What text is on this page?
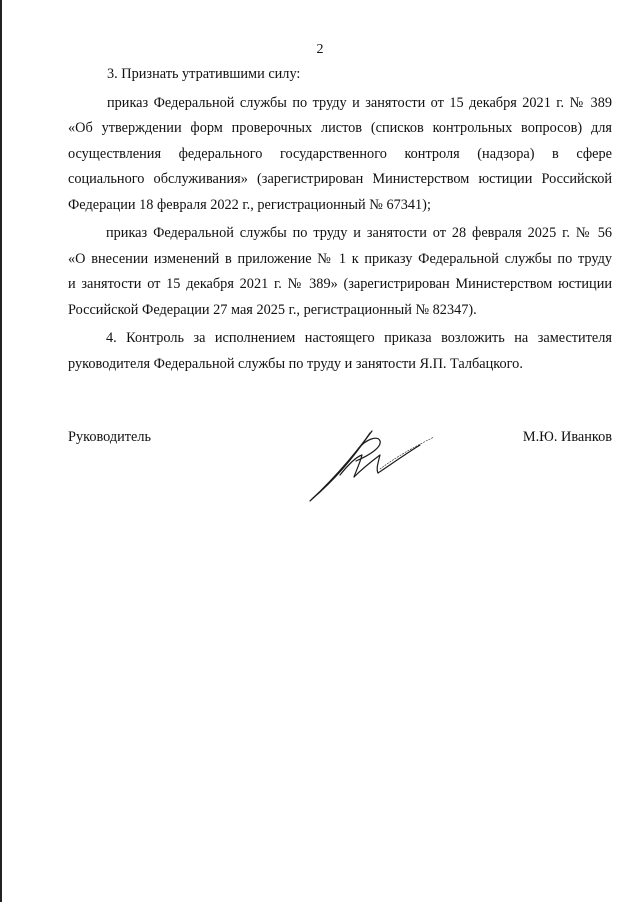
2

3. Признать утратившими силу:

приказ Федеральной службы по труду и занятости от 15 декабря 2021 г. № 389
«Об утверждении форм проверочных листов (списков контрольных вопросов) для
осуществления федерального государственного контроля (надзора) в сфере
социального обслуживания» (зарегистрирован Министерством юстиции Российской
Федерации 18 февраля 2022 г., регистрационный № 67341);

приказ Федеральной службы по труду и занятости от 28 февраля 2025 г. № 56
«О внесении изменений в приложение № 1 к приказу Федеральной службы по труду
и занятости от 15 декабря 2021 г. № 389» (зарегистрирован Министерством юстиции
Российской Федерации 27 мая 2025 г., регистрационный № 82347).

4. Контроль за исполнением настоящего приказа возложить на заместителя
руководителя Федеральной службы по труду и занятости Я.П. Талбацкого.

Руководитель	М.Ю. Иванков
